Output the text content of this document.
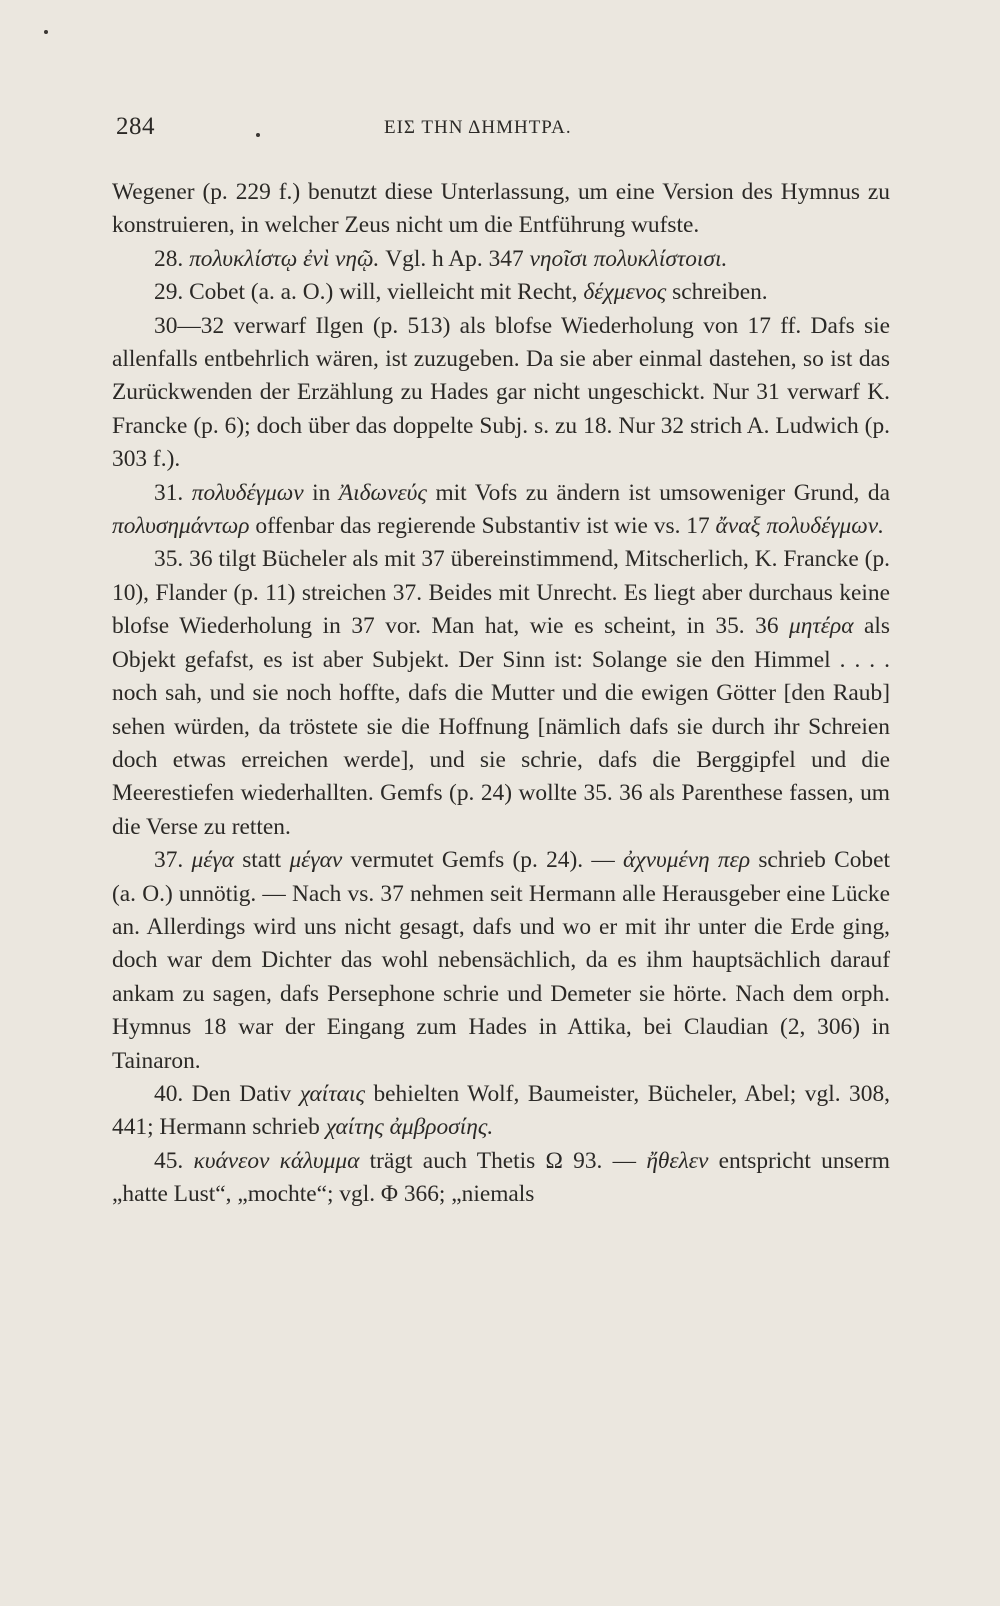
284	ΕΙΣ ΤΗΝ ΔΗΜΗΤΡΑ.

Wegener (p. 229 f.) benutzt diese Unterlassung, um eine Version des Hymnus zu konstruieren, in welcher Zeus nicht um die Entführung wufste.

28. πολυκλίστῳ ἐνὶ νηῷ. Vgl. h Ap. 347 νηοῖσι πολυκλίστοισι.

29. Cobet (a. a. O.) will, vielleicht mit Recht, δέχμενος schreiben.

30—32 verwarf Ilgen (p. 513) als blofse Wiederholung von 17 ff. Dafs sie allenfalls entbehrlich wären, ist zuzugeben. Da sie aber einmal dastehen, so ist das Zurückwenden der Erzählung zu Hades gar nicht ungeschickt. Nur 31 verwarf K. Francke (p. 6); doch über das doppelte Subj. s. zu 18. Nur 32 strich A. Ludwich (p. 303 f.).

31. πολυδέγμων in Ἀιδωνεύς mit Vofs zu ändern ist umsoweniger Grund, da πολυσημάντωρ offenbar das regierende Substantiv ist wie vs. 17 ἄναξ πολυδέγμων.

35. 36 tilgt Bücheler als mit 37 übereinstimmend, Mitscherlich, K. Francke (p. 10), Flander (p. 11) streichen 37. Beides mit Unrecht. Es liegt aber durchaus keine blofse Wiederholung in 37 vor. Man hat, wie es scheint, in 35. 36 μητέρα als Objekt gefafst, es ist aber Subjekt. Der Sinn ist: Solange sie den Himmel . . . . noch sah, und sie noch hoffte, dafs die Mutter und die ewigen Götter [den Raub] sehen würden, da tröstete sie die Hoffnung [nämlich dafs sie durch ihr Schreien doch etwas erreichen werde], und sie schrie, dafs die Berggipfel und die Meerestiefen wiederhallten. Gemfs (p. 24) wollte 35. 36 als Parenthese fassen, um die Verse zu retten.

37. μέγα statt μέγαν vermutet Gemfs (p. 24). — ἀχνυμένη περ schrieb Cobet (a. O.) unnötig. — Nach vs. 37 nehmen seit Hermann alle Herausgeber eine Lücke an. Allerdings wird uns nicht gesagt, dafs und wo er mit ihr unter die Erde ging, doch war dem Dichter das wohl nebensächlich, da es ihm hauptsächlich darauf ankam zu sagen, dafs Persephone schrie und Demeter sie hörte. Nach dem orph. Hymnus 18 war der Eingang zum Hades in Attika, bei Claudian (2, 306) in Tainaron.

40. Den Dativ χαίταις behielten Wolf, Baumeister, Bücheler, Abel; vgl. 308, 441; Hermann schrieb χαίτης ἀμβροσίης.

45. κυάνεον κάλυμμα trägt auch Thetis Ω 93. — ἤθελεν entspricht unserm „hatte Lust“, „mochte“; vgl. Φ 366; „niemals
